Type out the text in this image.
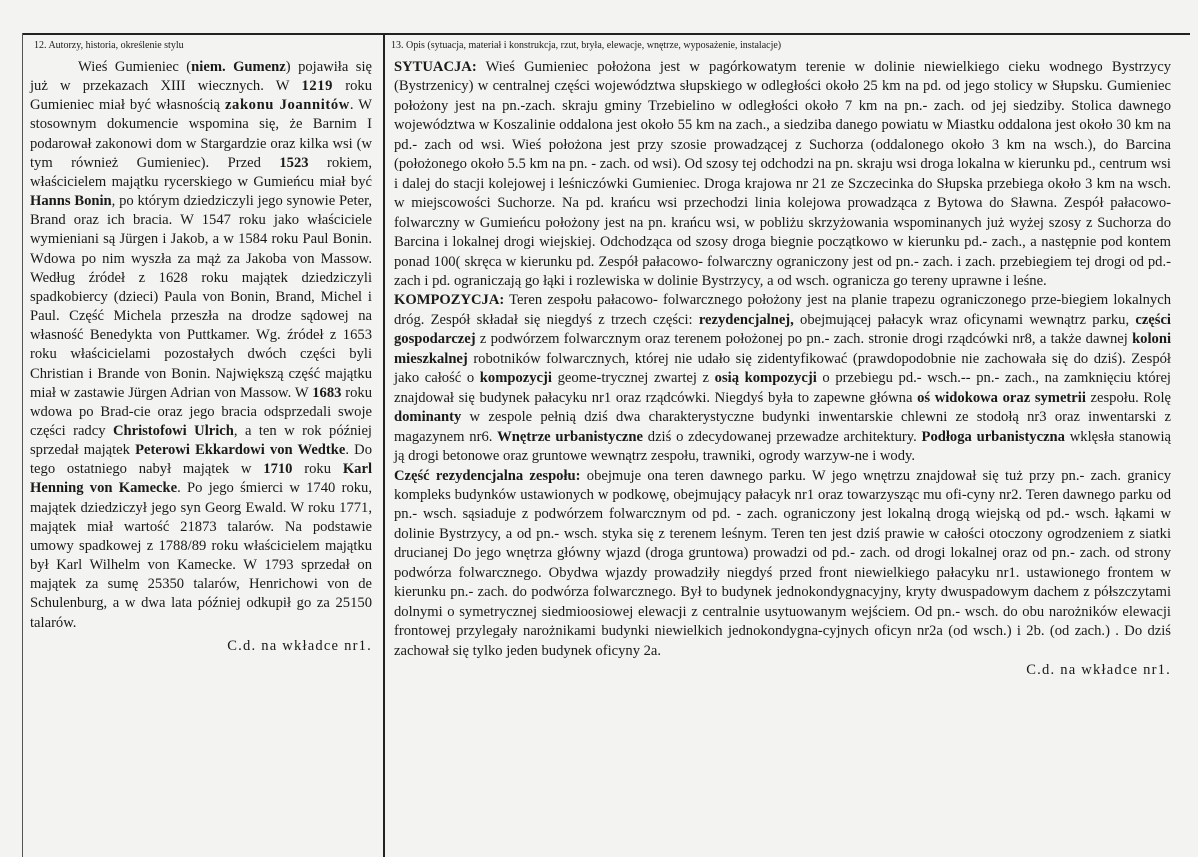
12. Autorzy, historia, określenie stylu	13. Opis (sytuacja, materiał i konstrukcja, rzut, bryła, elewacje, wnętrze, wyposażenie, instalacje)

Wieś Gumieniec (niem. Gumenz) pojawiła się już w przekazach XIII wiecznych. W 1219 roku Gumieniec miał być własnością zakonu Joannitów. W stosownym dokumencie wspomina się, że Barnim I podarował zakonowi dom w Stargardzie oraz kilka wsi (w tym również Gumieniec). Przed 1523 rokiem, właścicielem majątku rycerskiego w Gumieńcu miał być Hanns Bonin, po którym dziedziczyli jego synowie Peter, Brand oraz ich bracia. W 1547 roku jako właściciele wymieniani są Jürgen i Jakob, a w 1584 roku Paul Bonin. Wdowa po nim wyszła za mąż za Jakoba von Massow. Według źródeł z 1628 roku majątek dziedziczyli spadkobiercy (dzieci) Paula von Bonin, Brand, Michel i Paul. Część Michela przeszła na drodze sądowej na własność Benedykta von Puttkamer. Wg. źródeł z 1653 roku właścicielami pozostałych dwóch części byli Christian i Brande von Bonin. Największą część majątku miał w zastawie Jürgen Adrian von Massow. W 1683 roku wdowa po Brad-cie oraz jego bracia odsprzedali swoje części radcy Christofowi Ulrich, a ten w rok później sprzedał majątek Peterowi Ekkardowi von Wedtke. Do tego ostatniego nabył majątek w 1710 roku Karl Henning von Kamecke. Po jego śmierci w 1740 roku, majątek dziedziczył jego syn Georg Ewald. W roku 1771, majątek miał wartość 21873 talarów. Na podstawie umowy spadkowej z 1788/89 roku właścicielem majątku był Karl Wilhelm von Kamecke. W 1793 sprzedał on majątek za sumę 25350 talarów, Henrichowi von de Schulenburg, a w dwa lata później odkupił go za 25150 talarów.

C.d. na wkładce nr1.

SYTUACJA: Wieś Gumieniec położona jest w pagórkowatym terenie w dolinie niewielkiego cieku wodnego Bystrzycy (Bystrzenicy) w centralnej części województwa słupskiego w odległości około 25 km na pd. od jego stolicy w Słupsku. Gumieniec położony jest na pn.-zach. skraju gminy Trzebielino w odległości około 7 km na pn.- zach. od jej siedziby. Stolica dawnego województwa w Koszalinie oddalona jest około 55 km na zach., a siedziba danego powiatu w Miastku oddalona jest około 30 km na pd.- zach od wsi. Wieś położona jest przy szosie prowadzącej z Suchorza (oddalonego około 3 km na wsch.), do Barcina (położonego około 5.5 km na pn. - zach. od wsi). Od szosy tej odchodzi na pn. skraju wsi droga lokalna w kierunku pd., centrum wsi i dalej do stacji kolejowej i leśniczówki Gumieniec. Droga krajowa nr 21 ze Szczecinka do Słupska przebiega około 3 km na wsch. w miejscowości Suchorze. Na pd. krańcu wsi przechodzi linia kolejowa prowadząca z Bytowa do Sławna. Zespół pałacowo- folwarczny w Gumieńcu położony jest na pn. krańcu wsi, w pobliżu skrzyżowania wspominanych już wyżej szosy z Suchorza do Barcina i lokalnej drogi wiejskiej. Odchodząca od szosy droga biegnie początkowo w kierunku pd.- zach., a następnie pod kontem ponad 100( skręca w kierunku pd. Zespół pałacowo- folwarczny ograniczony jest od pn.- zach. i zach. przebiegiem tej drogi od pd.- zach i pd. ograniczają go łąki i rozlewiska w dolinie Bystrzycy, a od wsch. ogranicza go tereny uprawne i leśne.

KOMPOZYCJA: Teren zespołu pałacowo- folwarcznego położony jest na planie trapezu ograniczonego prze-biegiem lokalnych dróg. Zespół składał się niegdyś z trzech części: rezydencjalnej, obejmującej pałacyk wraz oficynami wewnątrz parku, części gospodarczej z podwórzem folwarcznym oraz terenem położonej po pn.- zach. stronie drogi rządcówki nr8, a także dawnej koloni mieszkalnej robotników folwarcznych, której nie udało się zidentyfikować (prawdopodobnie nie zachowała się do dziś). Zespół jako całość o kompozycji geome-trycznej zwartej z osią kompozycji o przebiegu pd.- wsch.-- pn.- zach., na zamknięciu której znajdował się budynek pałacyku nr1 oraz rządcówki. Niegdyś była to zapewne główna oś widokowa oraz symetrii zespołu. Rolę dominanty w zespole pełnią dziś dwa charakterystyczne budynki inwentarskie chlewni ze stodołą nr3 oraz inwentarski z magazynem nr6. Wnętrze urbanistyczne dziś o zdecydowanej przewadze architektury. Podłoga urbanistyczna wklęsła stanowią ją drogi betonowe oraz gruntowe wewnątrz zespołu, trawniki, ogrody warzyw-ne i wody.

Część rezydencjalna zespołu: obejmuje ona teren dawnego parku. W jego wnętrzu znajdował się tuż przy pn.- zach. granicy kompleks budynków ustawionych w podkowę, obejmujący pałacyk nr1 oraz towarzysząc mu ofi-cyny nr2. Teren dawnego parku od pn.- wsch. sąsiaduje z podwórzem folwarcznym od pd. - zach. ograniczony jest lokalną drogą wiejską od pd.- wsch. łąkami w dolinie Bystrzycy, a od pn.- wsch. styka się z terenem leśnym. Teren ten jest dziś prawie w całości otoczony ogrodzeniem z siatki drucianej Do jego wnętrza główny wjazd (droga gruntowa) prowadzi od pd.- zach. od drogi lokalnej oraz od pn.- zach. od strony podwórza folwarcznego. Obydwa wjazdy prowadziły niegdyś przed front niewielkiego pałacyku nr1. ustawionego frontem w kierunku pn.- zach. do podwórza folwarcznego. Był to budynek jednokondygnacyjny, kryty dwuspadowym dachem z półszczytami dolnymi o symetrycznej siedmioosiowej elewacji z centralnie usytuowanym wejściem. Od pn.- wsch. do obu narożników elewacji frontowej przylegały narożnikami budynki niewielkich jednokondygna-cyjnych oficyn nr2a (od wsch.) i 2b. (od zach.) . Do dziś zachował się tylko jeden budynek oficyny 2a.

C.d. na wkładce nr1.
